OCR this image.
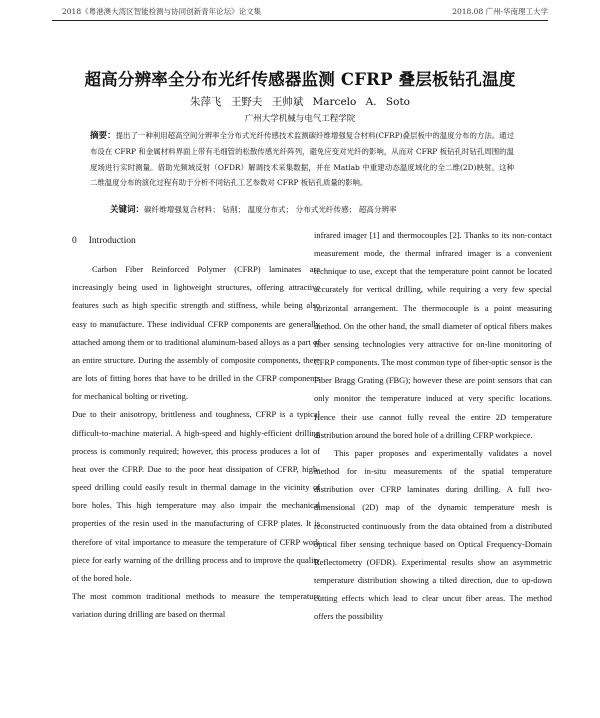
2018《粤港澳大湾区智能检测与协同创新青年论坛》论文集	2018.08 广州·华南理工大学
超高分辨率全分布光纤传感器监测 CFRP 叠层板钻孔温度
朱萍飞 王野夫 王帅斌 Marcelo A. Soto
广州大学机械与电气工程学院
摘要：提出了一种利用超高空间分辨率全分布式光纤传感技术监测碳纤维增强复合材料(CFRP)叠层板中的温度分布的方法。通过布设在 CFRP 和金属材料界面上带有毛细管的松散传感光纤阵列，避免应变对光纤的影响，从而对 CFRP 板钻孔时钻孔周围的温度场进行实时测量。借助光频域反射（OFDR）解调技术采集数据，并在 Matlab 中重建动态温度域化的全二维(2D)映射。这种二维温度分布的演化过程有助于分析不同钻孔工艺参数对 CFRP 板钻孔质量的影响。
关键词：碳纤维增强复合材料； 钻削； 温度分布式； 分布式光纤传感； 超高分辨率
0 Introduction

Carbon Fiber Reinforced Polymer (CFRP) laminates are increasingly being used in lightweight structures, offering attractive features such as high specific strength and stiffness, while being also easy to manufacture. These individual CFRP components are generally attached among them or to traditional aluminum-based alloys as a part of an entire structure. During the assembly of composite components, there are lots of fitting bores that have to be drilled in the CFRP components for mechanical bolting or riveting.

Due to their anisotropy, brittleness and toughness, CFRP is a typical difficult-to-machine material. A high-speed and highly-efficient drilling process is commonly required; however, this process produces a lot of heat over the CFRP. Due to the poor heat dissipation of CFRP, high-speed drilling could easily result in thermal damage in the vicinity of bore holes. This high temperature may also impair the mechanical properties of the resin used in the manufacturing of CFRP plates. It is therefore of vital importance to measure the temperature of CFRP work piece for early warning of the drilling process and to improve the quality of the bored hole.

The most common traditional methods to measure the temperature variation during drilling are based on thermal

infrared imager [1] and thermocouples [2]. Thanks to its non-contact measurement mode, the thermal infrared imager is a convenient technique to use, except that the temperature point cannot be located accurately for vertical drilling, while requiring a very few special horizontal arrangement. The thermocouple is a point measuring method. On the other hand, the small diameter of optical fibers makes fiber sensing technologies very attractive for on-line monitoring of CFRP components. The most common type of fiber-optic sensor is the Fiber Bragg Grating (FBG); however these are point sensors that can only monitor the temperature induced at very specific locations. Hence their use cannot fully reveal the entire 2D temperature distribution around the bored hole of a drilling CFRP workpiece.

This paper proposes and experimentally validates a novel method for in-situ measurements of the spatial temperature distribution over CFRP laminates during drilling. A full two-dimensional (2D) map of the dynamic temperature mesh is reconstructed continuously from the data obtained from a distributed optical fiber sensing technique based on Optical Frequency-Domain Reflectometry (OFDR). Experimental results show an asymmetric temperature distribution showing a tilted direction, due to up-down cutting effects which lead to clear uncut fiber areas. The method offers the possibility
